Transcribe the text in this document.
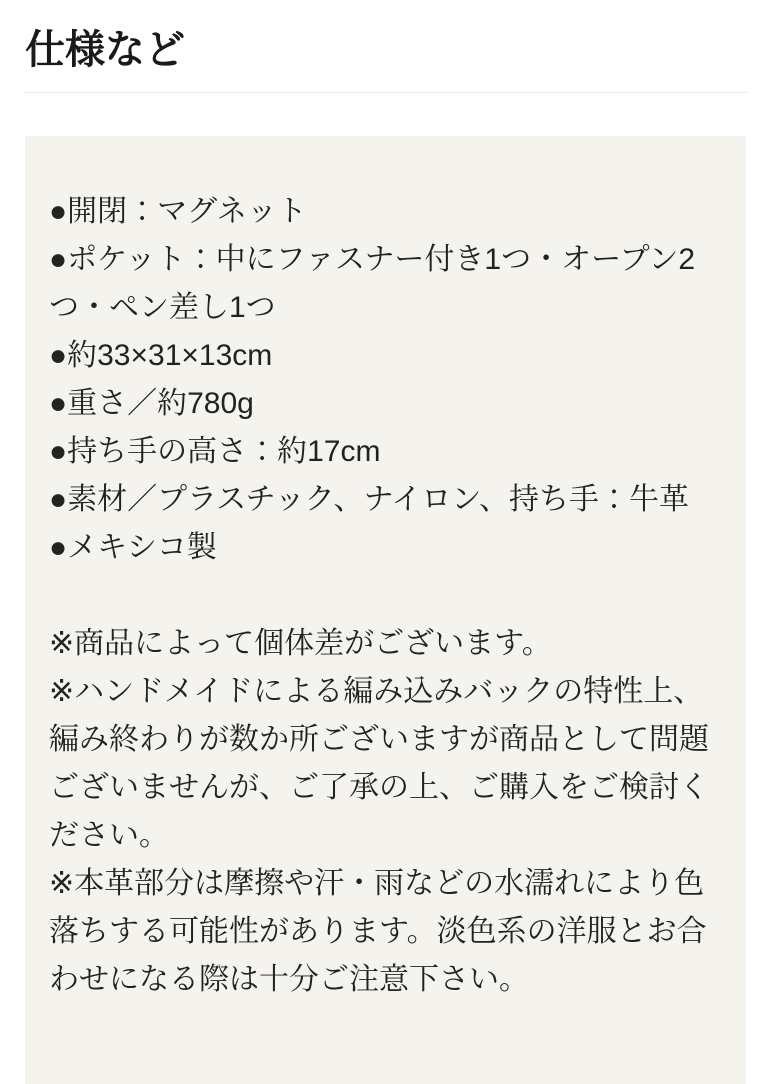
仕様など
●開閉：マグネット
●ポケット：中にファスナー付き1つ・オープン2
つ・ペン差し1つ
●約33×31×13cm
●重さ／約780g
●持ち手の高さ：約17cm
●素材／プラスチック、ナイロン、持ち手：牛革
●メキシコ製
※商品によって個体差がございます。
※ハンドメイドによる編み込みバックの特性上、
編み終わりが数か所ございますが商品として問題
ございませんが、ご了承の上、ご購入をご検討く
ださい。
※本革部分は摩擦や汗・雨などの水濡れにより色
落ちする可能性があります。淡色系の洋服とお合
わせになる際は十分ご注意下さい。
